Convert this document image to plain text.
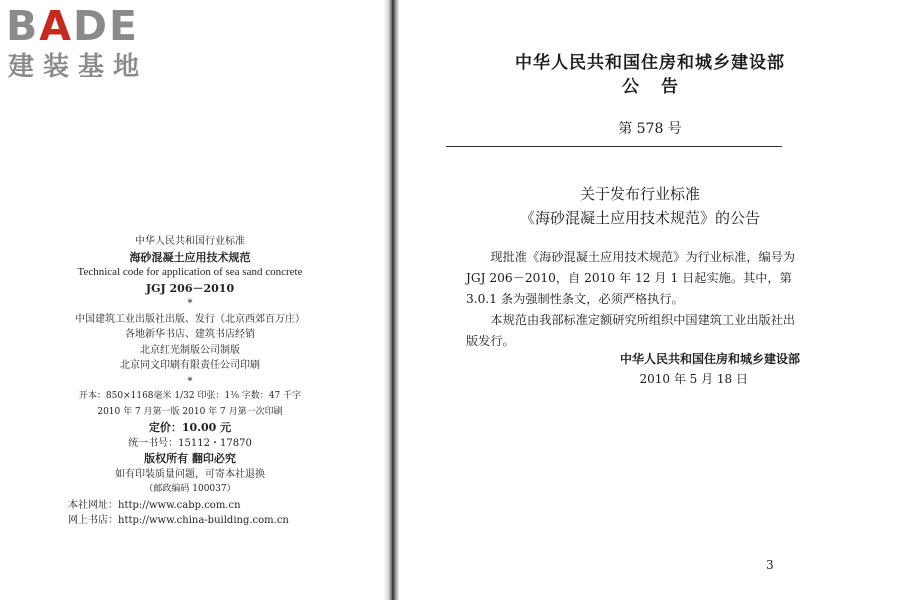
BADE
建装基地
中华人民共和国行业标准
海砂混凝土应用技术规范
Technical code for application of sea sand concrete
JGJ 206－2010
*
中国建筑工业出版社出版、发行（北京西郊百万庄）
各地新华书店、建筑书店经销
北京红光制版公司制版
北京同文印刷有限责任公司印刷
*
开本：850×1168毫米 1/32 印张：1⅜ 字数：47 千字
2010 年 7 月第一版 2010 年 7 月第一次印刷
定价：10.00 元
统一书号：15112・17870
版权所有 翻印必究
如有印装质量问题，可寄本社退换
（邮政编码 100037）
本社网址：http://www.cabp.com.cn
网上书店：http://www.china-building.com.cn
中华人民共和国住房和城乡建设部
公告
第 578 号
关于发布行业标准
《海砂混凝土应用技术规范》的公告

现批准《海砂混凝土应用技术规范》为行业标准，编号为 JGJ 206－2010，自 2010 年 12 月 1 日起实施。其中，第 3.0.1 条为强制性条文，必须严格执行。

本规范由我部标准定额研究所组织中国建筑工业出版社出版发行。

中华人民共和国住房和城乡建设部
2010 年 5 月 18 日
3
